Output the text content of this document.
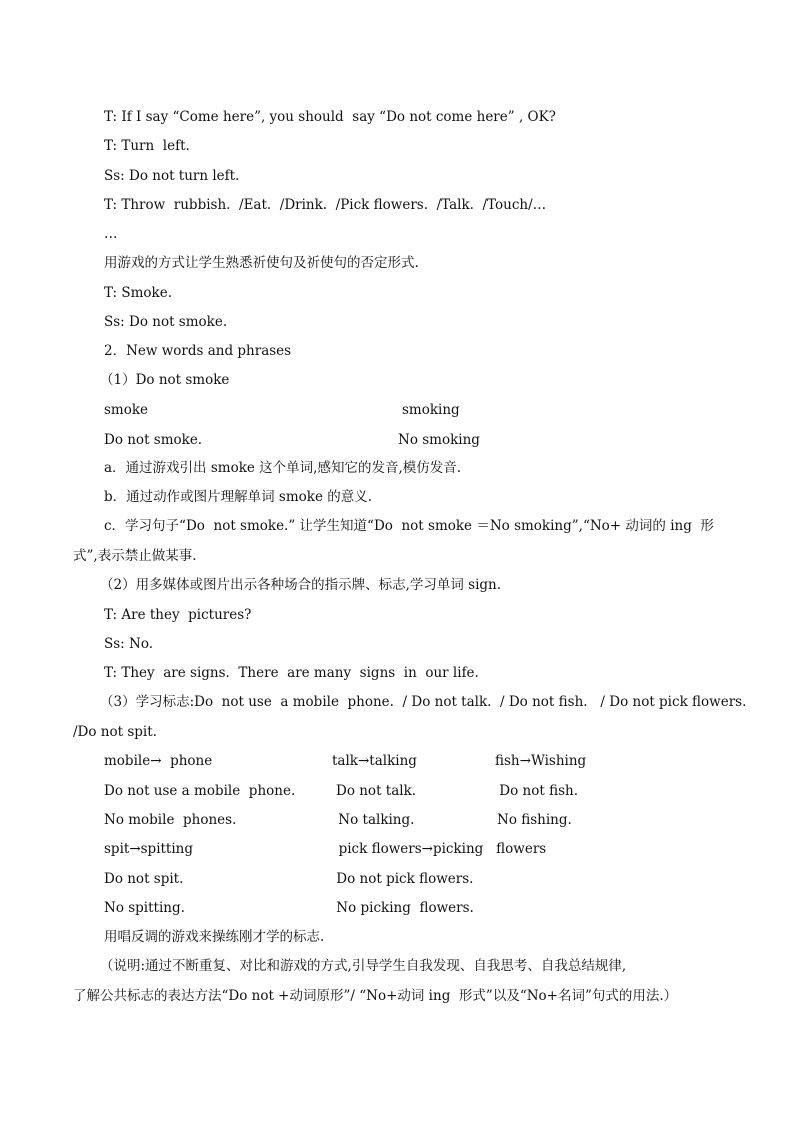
T: If I say “Come here”, you should  say “Do not come here” , OK?
T: Turn  left.
Ss: Do not turn left.
T: Throw  rubbish.  /Eat.  /Drink.  /Pick flowers.  /Talk.  /Touch/…
…
用游戏的方式让学生熟悉祈使句及祈使句的否定形式.
T: Smoke.
Ss: Do not smoke.
2．New words and phrases
（1）Do not smoke
smoke	smoking
Do not smoke.	No smoking
a．通过游戏引出 smoke 这个单词,感知它的发音,模仿发音.
b．通过动作或图片理解单词 smoke 的意义.
c．学习句子“Do  not smoke.” 让学生知道“Do  not smoke ＝No smoking”,“No+ 动词的 ing  形
式”,表示禁止做某事.
（2）用多媒体或图片出示各种场合的指示牌、标志,学习单词 sign.
T: Are they  pictures?
Ss: No.
T: They  are signs.  There  are many  signs  in  our life.
（3）学习标志:Do  not use  a mobile  phone.  / Do not talk.  / Do not fish.   / Do not pick flowers.
/Do not spit.
mobile→  phone	talk→talking	fish→Wishing
Do not use a mobile  phone.	Do not talk.	Do not fish.
No mobile  phones.	No talking.	No fishing.
spit→spitting	pick flowers→picking   flowers
Do not spit.	Do not pick flowers.
No spitting.	No picking  flowers.
用唱反调的游戏来操练刚才学的标志.
（说明:通过不断重复、对比和游戏的方式,引导学生自我发现、自我思考、自我总结规律,
了解公共标志的表达方法“Do not +动词原形”/ “No+动词 ing  形式”以及“No+名词”句式的用法.）
